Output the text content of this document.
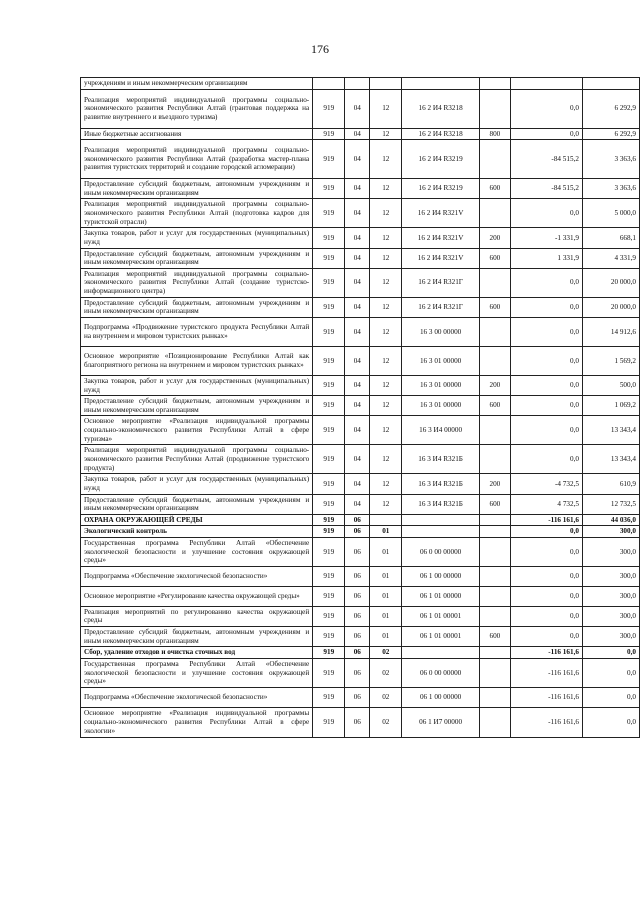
176
учреждениям и иным некоммерческим организациям							
Реализация мероприятий индивидуальной программы социально-экономического развития Республики Алтай (грантовая поддержка на развитие внутреннего и въездного туризма)	919	04	12	16 2 И4 R3218		0,0	6 292,9
Иные бюджетные ассигнования	919	04	12	16 2 И4 R3218	800	0,0	6 292,9
Реализация мероприятий индивидуальной программы социально-экономического развития Республики Алтай (разработка мастер-плана развития туристских территорий и создание городской агломерации)	919	04	12	16 2 И4 R3219		-84 515,2	3 363,6
Предоставление субсидий бюджетным, автономным учреждениям и иным некоммерческим организациям	919	04	12	16 2 И4 R3219	600	-84 515,2	3 363,6
Реализация мероприятий индивидуальной программы социально-экономического развития Республики Алтай (подготовка кадров для туристской отрасли)	919	04	12	16 2 И4 R321V		0,0	5 000,0
Закупка товаров, работ и услуг для государственных (муниципальных) нужд	919	04	12	16 2 И4 R321V	200	-1 331,9	668,1
Предоставление субсидий бюджетным, автономным учреждениям и иным некоммерческим организациям	919	04	12	16 2 И4 R321V	600	1 331,9	4 331,9
Реализация мероприятий индивидуальной программы социально-экономического развития Республики Алтай (создание туристско-информационного центра)	919	04	12	16 2 И4 R321Г		0,0	20 000,0
Предоставление субсидий бюджетным, автономным учреждениям и иным некоммерческим организациям	919	04	12	16 2 И4 R321Г	600	0,0	20 000,0
Подпрограмма «Продвижение туристского продукта Республики Алтай на внутреннем и мировом туристских рынках»	919	04	12	16 3 00 00000		0,0	14 912,6
Основное мероприятие «Позиционирование Республики Алтай как благоприятного региона на внутреннем и мировом туристских рынках»	919	04	12	16 3 01 00000		0,0	1 569,2
Закупка товаров, работ и услуг для государственных (муниципальных) нужд	919	04	12	16 3 01 00000	200	0,0	500,0
Предоставление субсидий бюджетным, автономным учреждениям и иным некоммерческим организациям	919	04	12	16 3 01 00000	600	0,0	1 069,2
Основное мероприятие «Реализация индивидуальной программы социально-экономического развития Республики Алтай в сфере туризма»	919	04	12	16 3 И4 00000		0,0	13 343,4
Реализация мероприятий индивидуальной программы социально-экономического развития Республики Алтай (продвижение туристского продукта)	919	04	12	16 3 И4 R321Б		0,0	13 343,4
Закупка товаров, работ и услуг для государственных (муниципальных) нужд	919	04	12	16 3 И4 R321Б	200	-4 732,5	610,9
Предоставление субсидий бюджетным, автономным учреждениям и иным некоммерческим организациям	919	04	12	16 3 И4 R321Б	600	4 732,5	12 732,5
ОХРАНА ОКРУЖАЮЩЕЙ СРЕДЫ	919	06				-116 161,6	44 036,0
Экологический контроль	919	06	01			0,0	300,0
Государственная программа Республики Алтай «Обеспечение экологической безопасности и улучшение состояния окружающей среды»	919	06	01	06 0 00 00000		0,0	300,0
Подпрограмма «Обеспечение экологической безопасности»	919	06	01	06 1 00 00000		0,0	300,0
Основное мероприятие «Регулирование качества окружающей среды»	919	06	01	06 1 01 00000		0,0	300,0
Реализация мероприятий по регулированию качества окружающей среды	919	06	01	06 1 01 00001		0,0	300,0
Предоставление субсидий бюджетным, автономным учреждениям и иным некоммерческим организациям	919	06	01	06 1 01 00001	600	0,0	300,0
Сбор, удаление отходов и очистка сточных вод	919	06	02			-116 161,6	0,0
Государственная программа Республики Алтай «Обеспечение экологической безопасности и улучшение состояния окружающей среды»	919	06	02	06 0 00 00000		-116 161,6	0,0
Подпрограмма «Обеспечение экологической безопасности»	919	06	02	06 1 00 00000		-116 161,6	0,0
Основное мероприятие «Реализация индивидуальной программы социально-экономического развития Республики Алтай в сфере экологии»	919	06	02	06 1 И7 00000		-116 161,6	0,0
